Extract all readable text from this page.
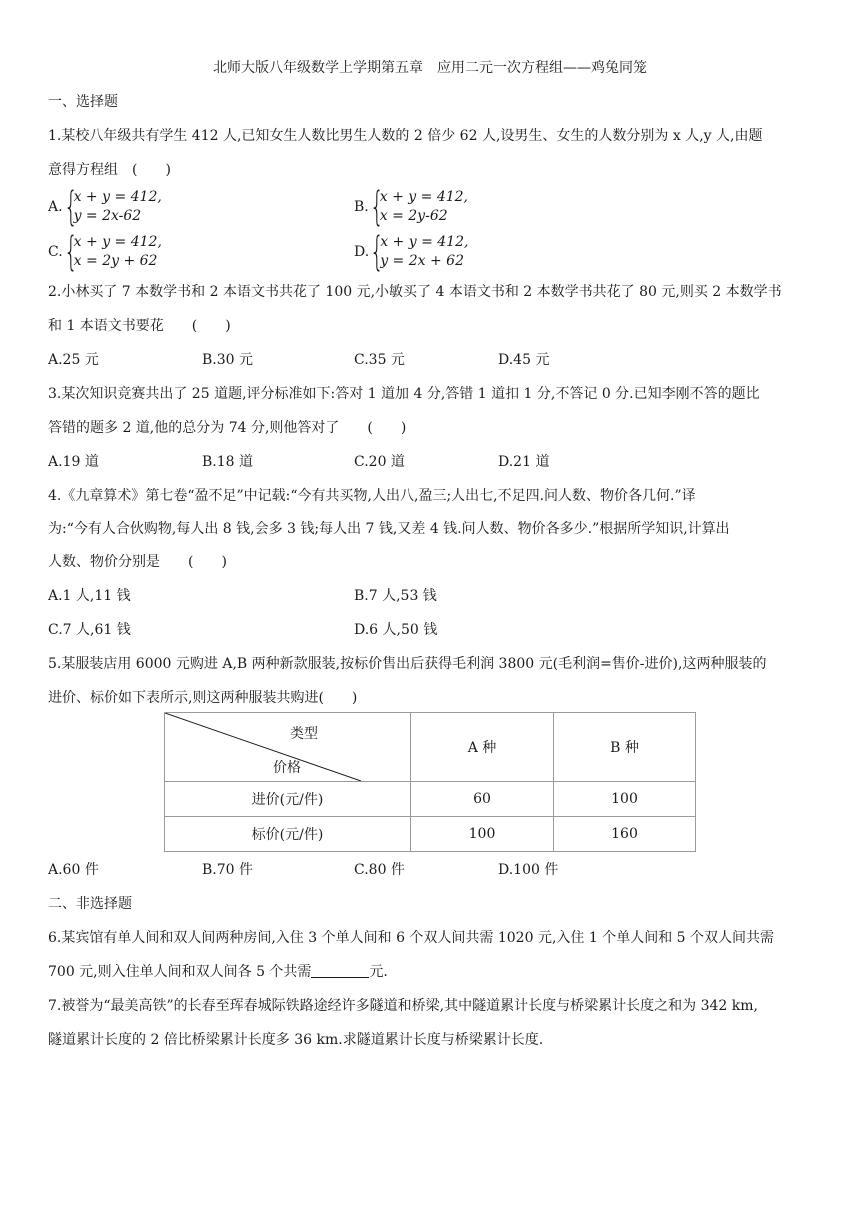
北师大版八年级数学上学期第五章　应用二元一次方程组——鸡兔同笼
一、选择题
1.某校八年级共有学生 412 人,已知女生人数比男生人数的 2 倍少 62 人,设男生、女生的人数分别为 x 人,y 人,由题
意得方程组　(　　)
A. {
x + y = 412,
y = 2x-62
B. {
x + y = 412,
x = 2y-62
C. {
x + y = 412,
x = 2y + 62
D. {
x + y = 412,
y = 2x + 62
2.小林买了 7 本数学书和 2 本语文书共花了 100 元,小敏买了 4 本语文书和 2 本数学书共花了 80 元,则买 2 本数学书
和 1 本语文书要花　　(　　)
A.25 元	B.30 元	C.35 元	D.45 元
3.某次知识竞赛共出了 25 道题,评分标准如下:答对 1 道加 4 分,答错 1 道扣 1 分,不答记 0 分.已知李刚不答的题比
答错的题多 2 道,他的总分为 74 分,则他答对了　　(　　)
A.19 道	B.18 道	C.20 道	D.21 道
4.《九章算术》第七卷“盈不足”中记载:“今有共买物,人出八,盈三;人出七,不足四.问人数、物价各几何.”译
为:“今有人合伙购物,每人出 8 钱,会多 3 钱;每人出 7 钱,又差 4 钱.问人数、物价各多少.”根据所学知识,计算出
人数、物价分别是　　(　　)
A.1 人,11 钱	B.7 人,53 钱
C.7 人,61 钱	D.6 人,50 钱
5.某服装店用 6000 元购进 A,B 两种新款服装,按标价售出后获得毛利润 3800 元(毛利润=售价-进价),这两种服装的
进价、标价如下表所示,则这两种服装共购进(　　)
类型
价格	A 种	B 种
进价(元/件)	60	100
标价(元/件)	100	160
A.60 件	B.70 件	C.80 件	D.100 件
二、非选择题
6.某宾馆有单人间和双人间两种房间,入住 3 个单人间和 6 个双人间共需 1020 元,入住 1 个单人间和 5 个双人间共需
700 元,则入住单人间和双人间各 5 个共需	元.
7.被誉为“最美高铁”的长春至珲春城际铁路途经许多隧道和桥梁,其中隧道累计长度与桥梁累计长度之和为 342 km,
隧道累计长度的 2 倍比桥梁累计长度多 36 km.求隧道累计长度与桥梁累计长度.
